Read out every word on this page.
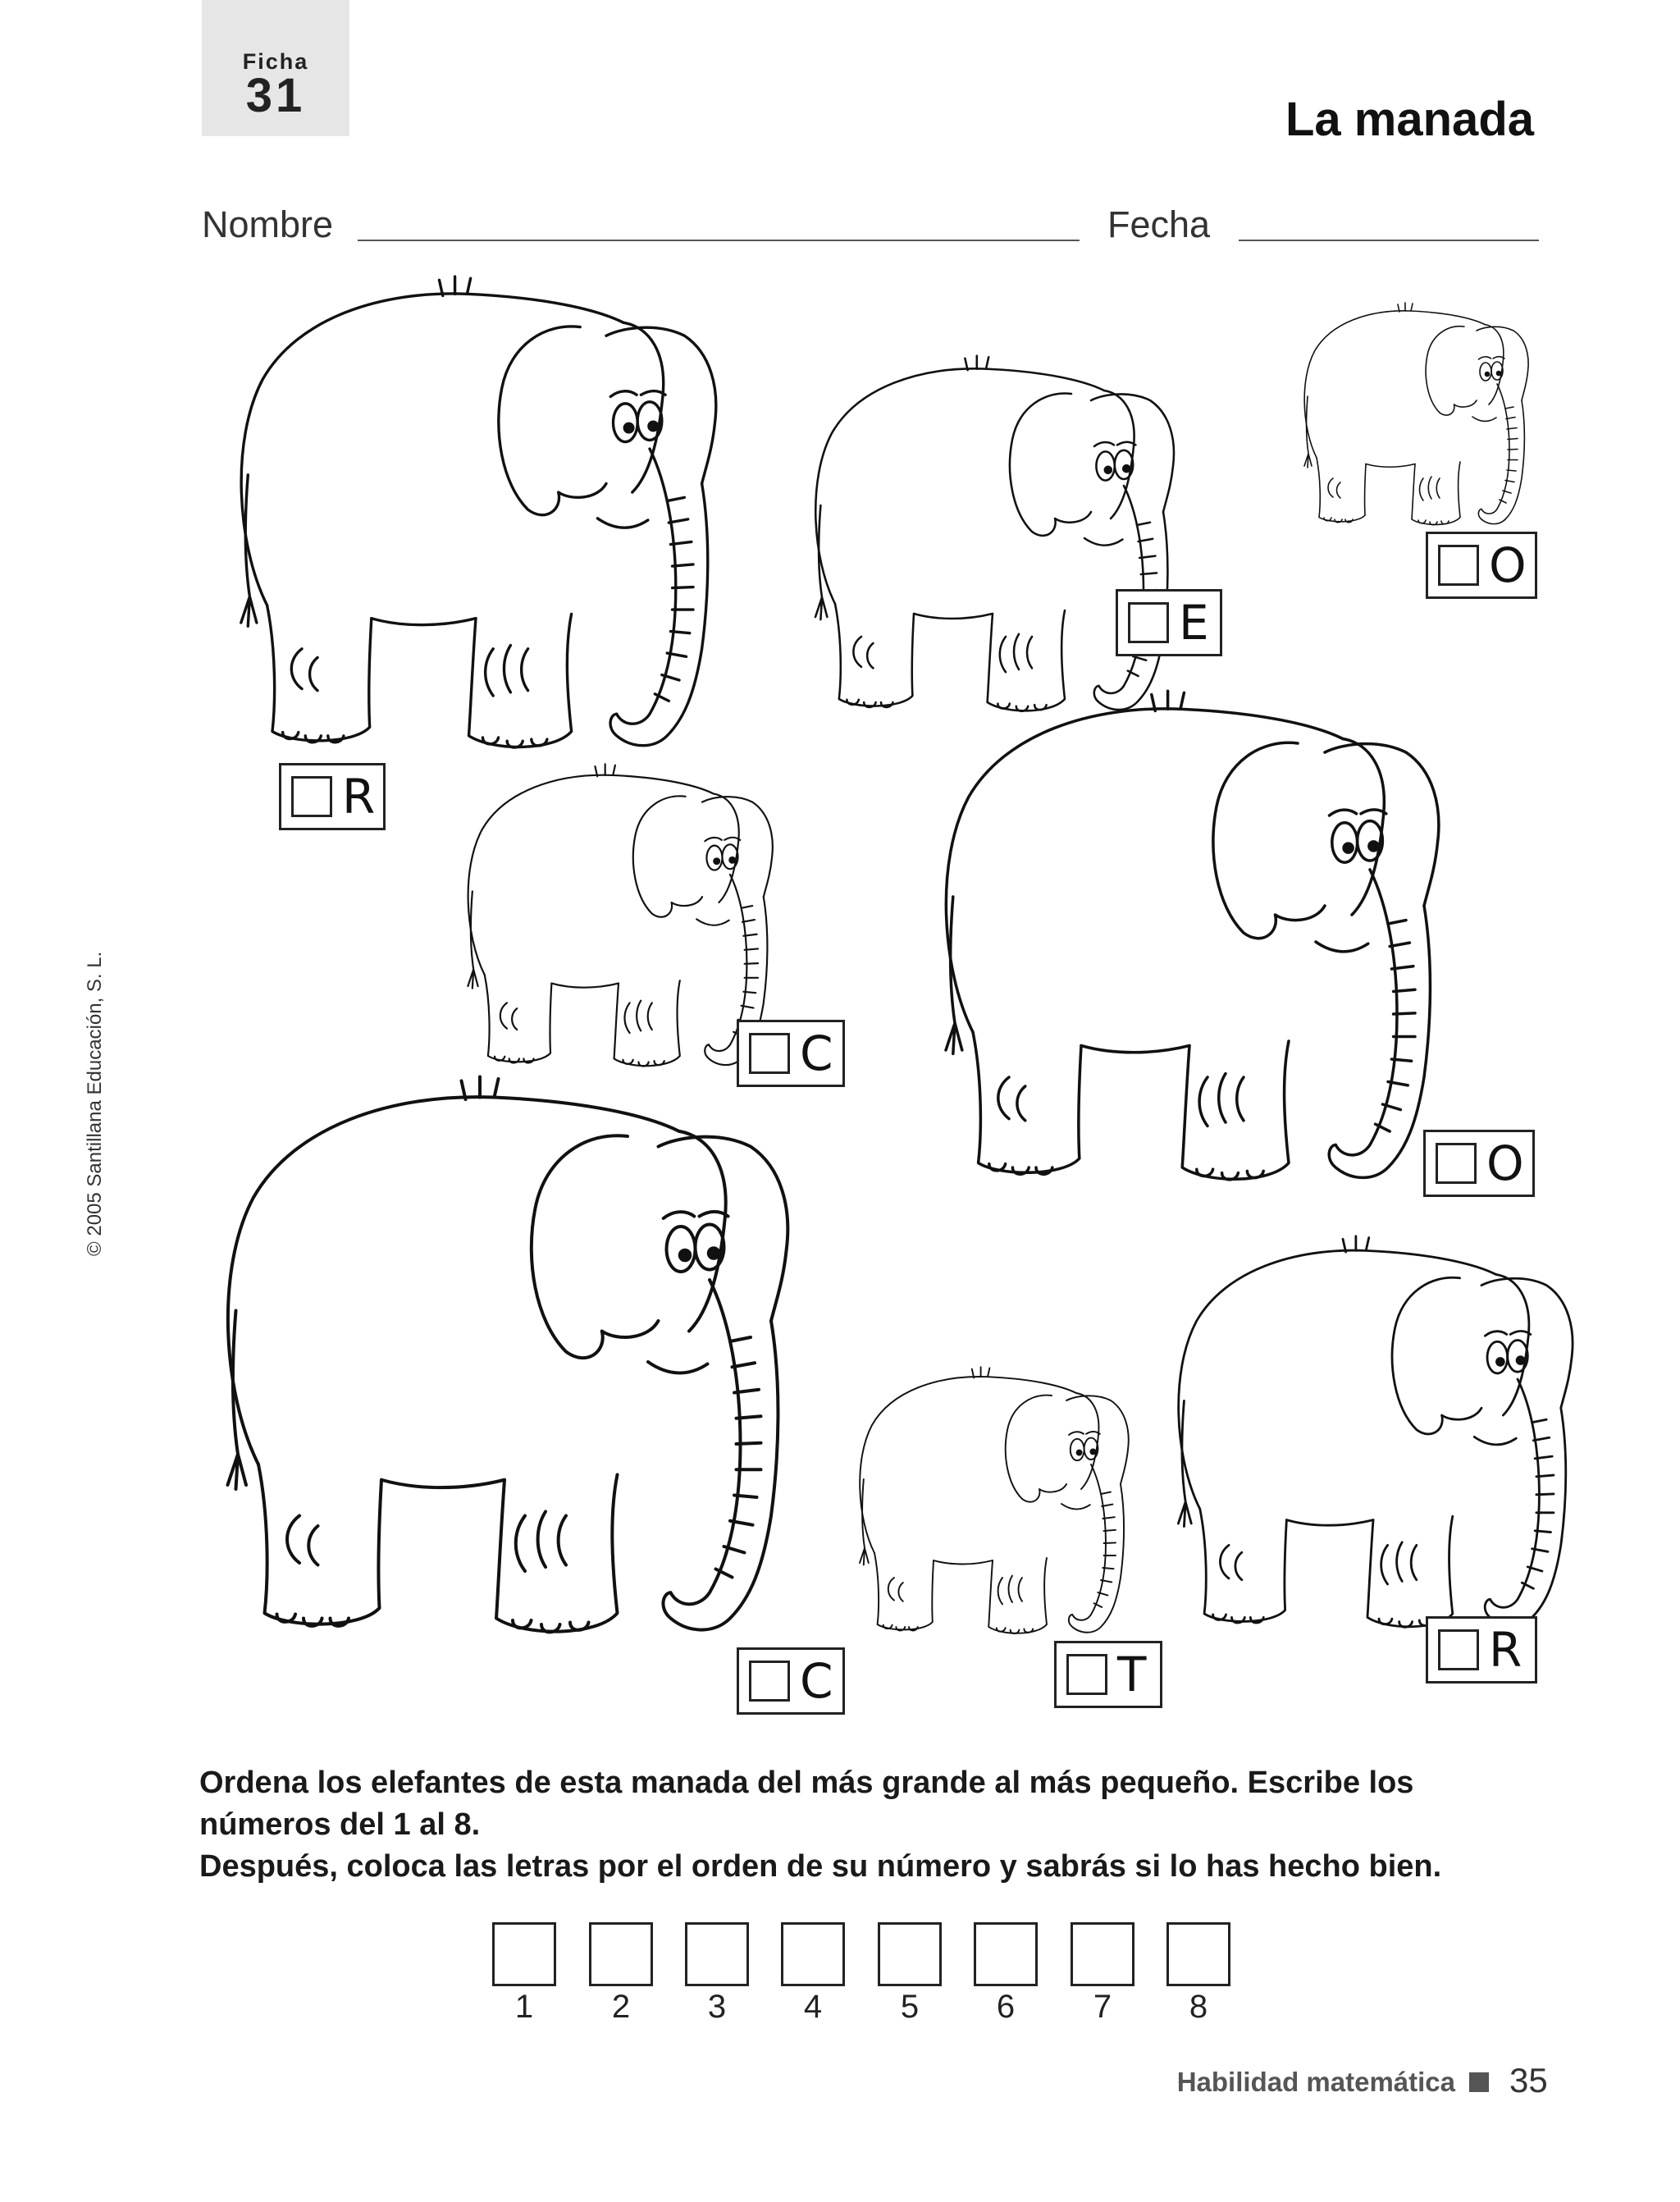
Ficha
31	La manada
Nombre	Fecha
© 2005 Santillana Educación, S. L.
R
E
O
C
O
C	T	R
Ordena los elefantes de esta manada del más grande al más pequeño. Escribe los números del 1 al 8.
Después, coloca las letras por el orden de su número y sabrás si lo has hecho bien.
1	2	3	4	5	6	7	8
Habilidad matemática 35
